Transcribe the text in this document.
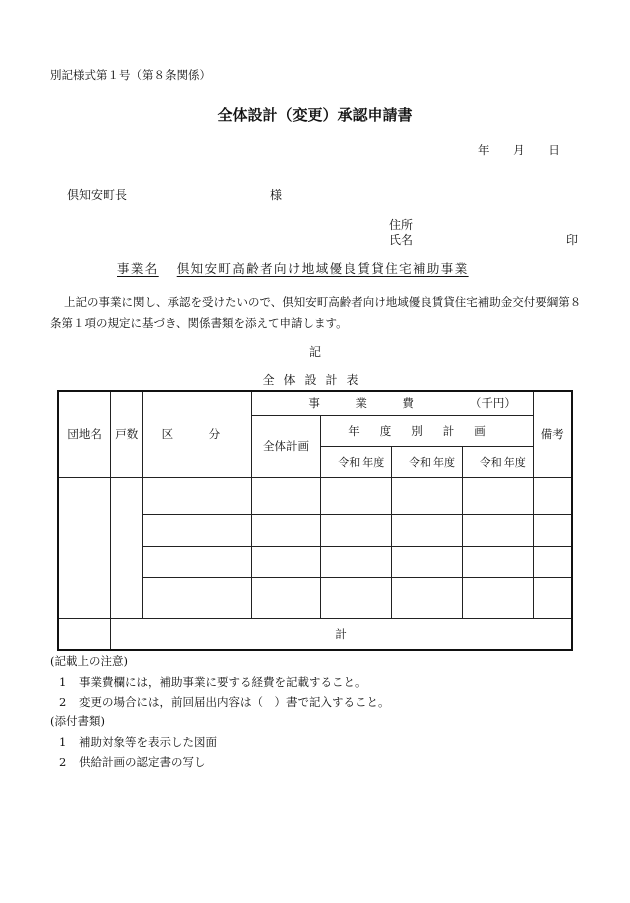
別記様式第１号（第８条関係）
全体設計（変更）承認申請書
年 月 日
倶知安町長	様
住所
氏名	印
事業名 倶知安町高齢者向け地域優良賃貸住宅補助事業
上記の事業に関し、承認を受けたいので、倶知安町高齢者向け地域優良賃貸住宅補助金交付要綱第８条第１項の規定に基づき、関係書類を添えて申請します。
記
全体設計表
団地名	戸数	区　分	事　業　費 （千円）				備考
			全体計画	年度別計画			
				令和 年度	令和 年度	令和 年度	

	計						
(記載上の注意)
1 事業費欄には，補助事業に要する経費を記載すること。
2 変更の場合には，前回届出内容は（　）書で記入すること。
(添付書類)
1 補助対象等を表示した図面
2 供給計画の認定書の写し
